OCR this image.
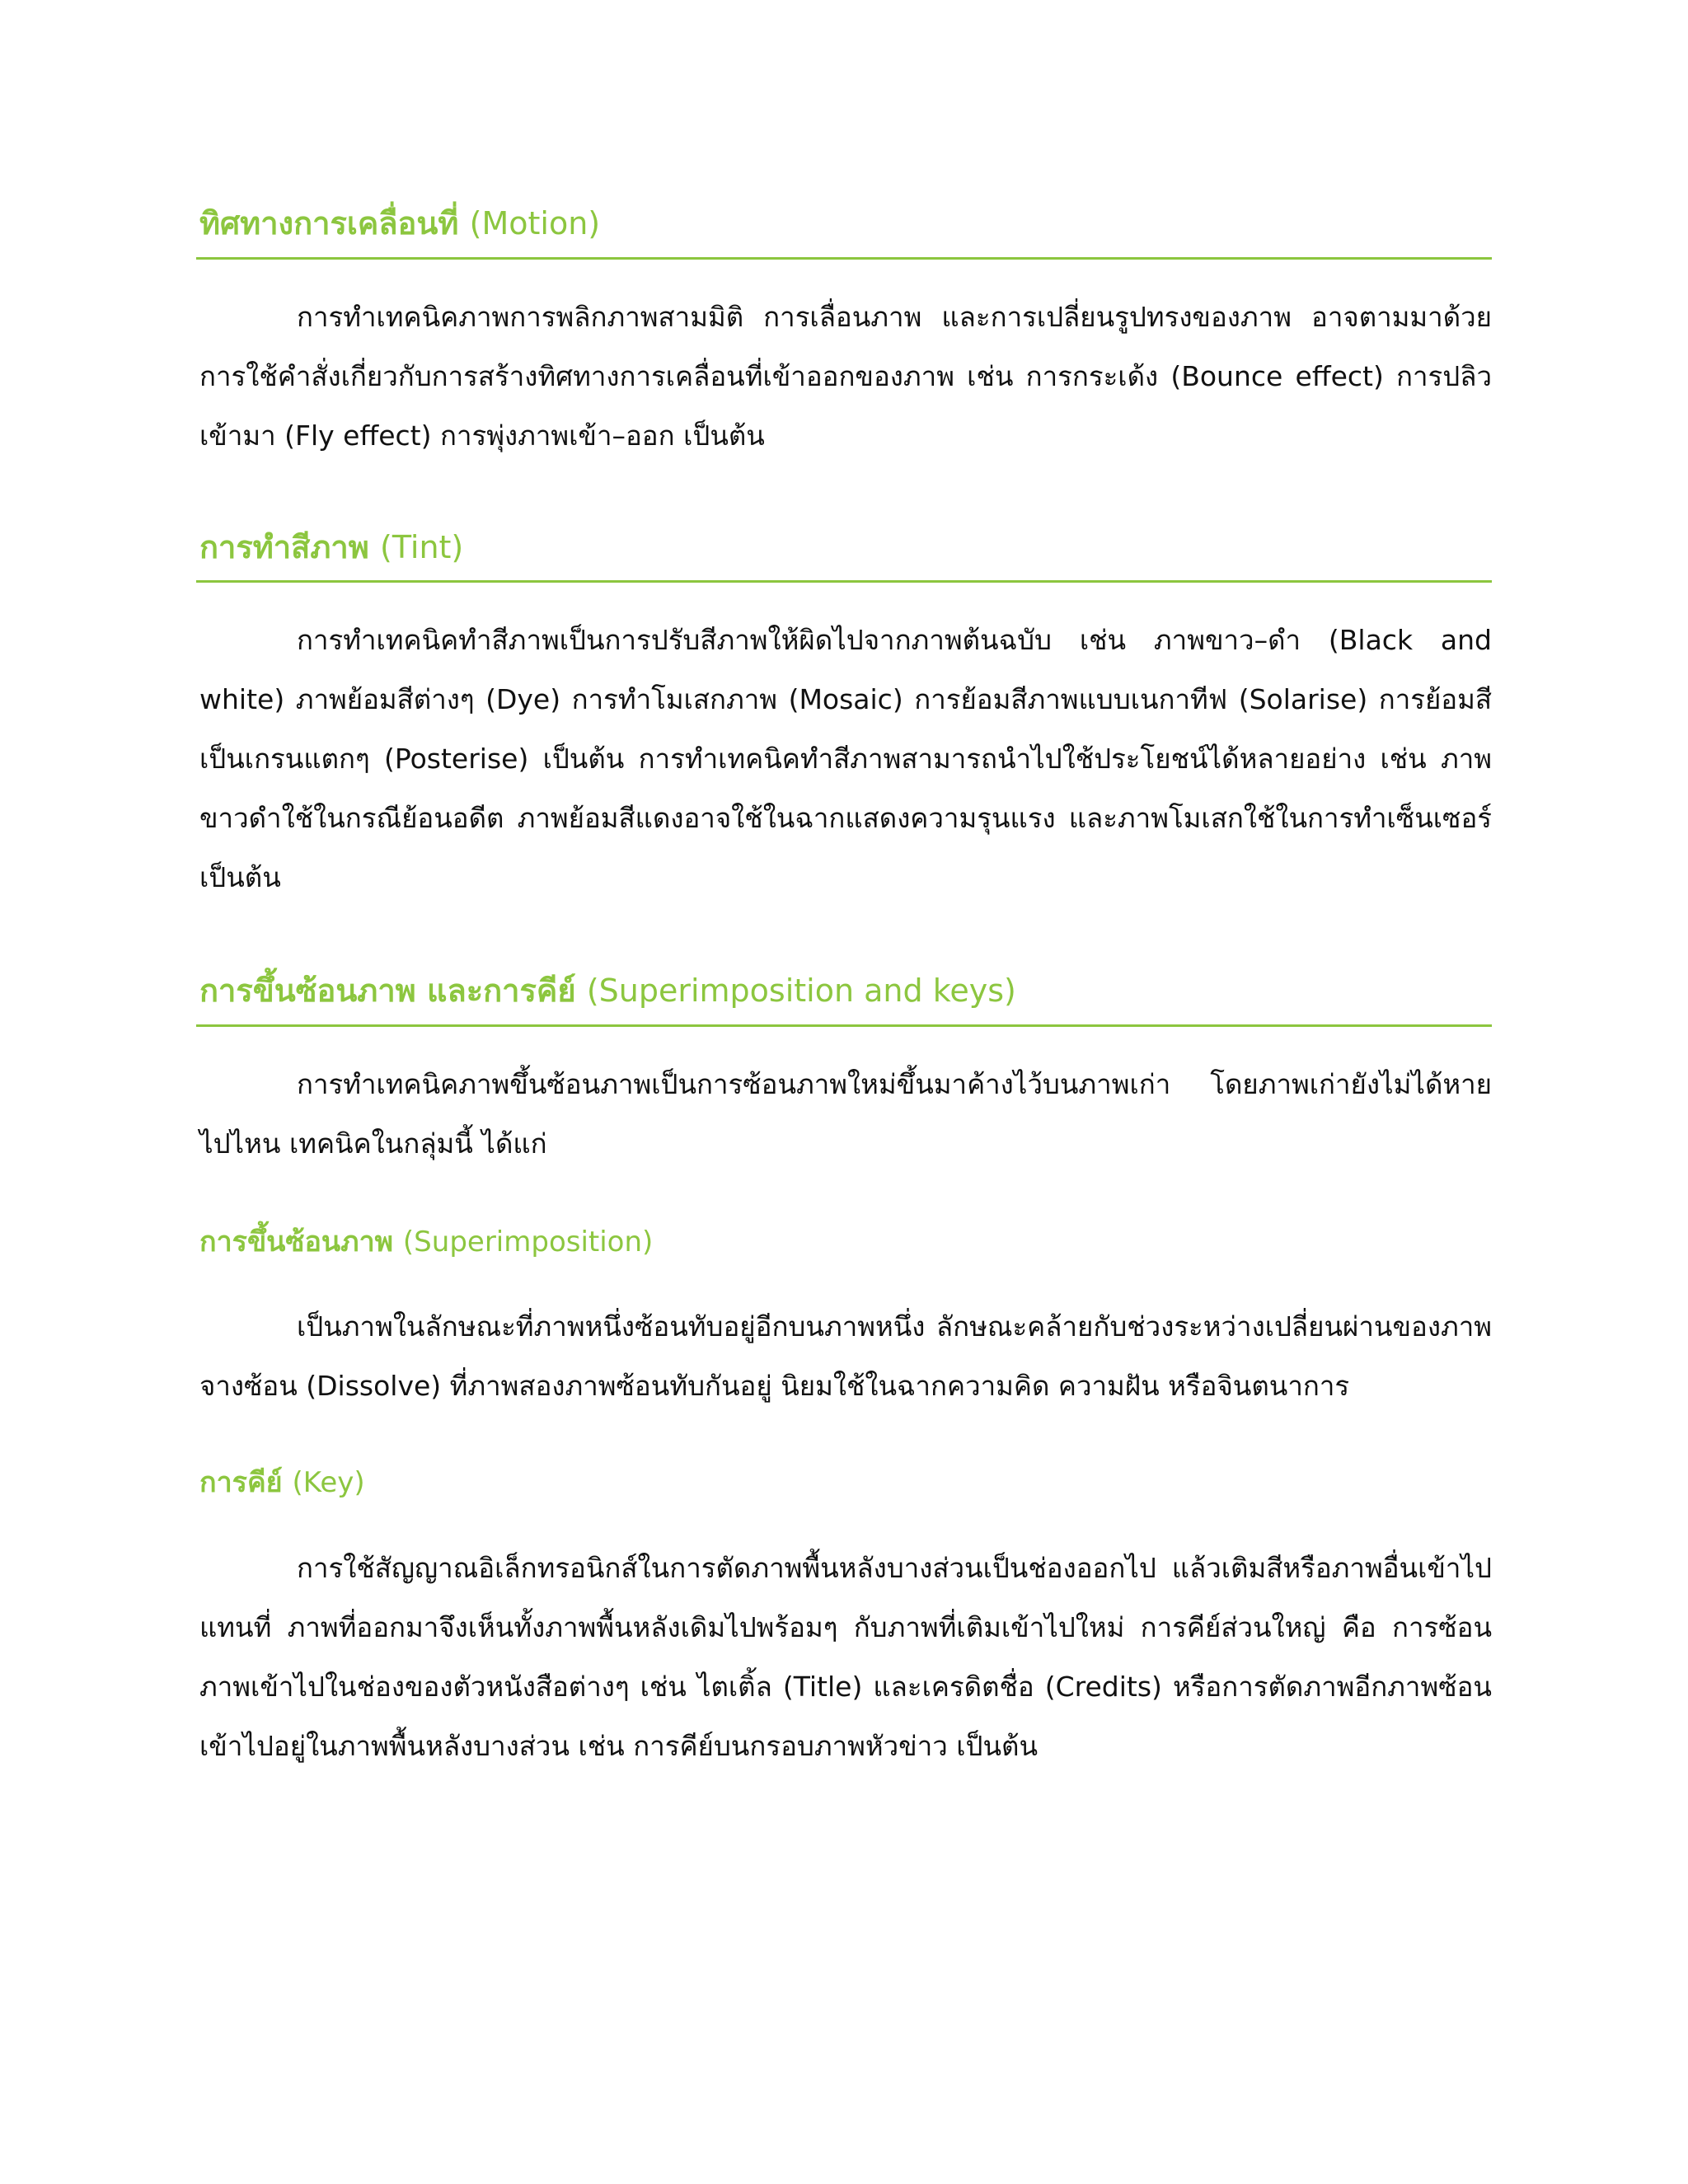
ทิศทางการเคลื่อนที่ (Motion)

การทำเทคนิคภาพการพลิกภาพสามมิติ การเลื่อนภาพ และการเปลี่ยนรูปทรงของภาพ อาจตามมาด้วยการใช้คำสั่งเกี่ยวกับการสร้างทิศทางการเคลื่อนที่เข้าออกของภาพ เช่น การกระเด้ง (Bounce effect) การปลิวเข้ามา (Fly effect) การพุ่งภาพเข้า–ออก เป็นต้น

การทำสีภาพ (Tint)

การทำเทคนิคทำสีภาพเป็นการปรับสีภาพให้ผิดไปจากภาพต้นฉบับ เช่น ภาพขาว–ดำ (Black and white) ภาพย้อมสีต่างๆ (Dye) การทำโมเสกภาพ (Mosaic) การย้อมสีภาพแบบเนกาทีฟ (Solarise) การย้อมสีเป็นเกรนแตกๆ (Posterise) เป็นต้น การทำเทคนิคทำสีภาพสามารถนำไปใช้ประโยชน์ได้หลายอย่าง เช่น ภาพขาวดำใช้ในกรณีย้อนอดีต ภาพย้อมสีแดงอาจใช้ในฉากแสดงความรุนแรง และภาพโมเสกใช้ในการทำเซ็นเซอร์ เป็นต้น

การขึ้นซ้อนภาพ และการคีย์ (Superimposition and keys)

การทำเทคนิคภาพขึ้นซ้อนภาพเป็นการซ้อนภาพใหม่ขึ้นมาค้างไว้บนภาพเก่า โดยภาพเก่ายังไม่ได้หายไปไหน เทคนิคในกลุ่มนี้ ได้แก่

การขึ้นซ้อนภาพ (Superimposition)

เป็นภาพในลักษณะที่ภาพหนึ่งซ้อนทับอยู่อีกบนภาพหนึ่ง ลักษณะคล้ายกับช่วงระหว่างเปลี่ยนผ่านของภาพจางซ้อน (Dissolve) ที่ภาพสองภาพซ้อนทับกันอยู่ นิยมใช้ในฉากความคิด ความฝัน หรือจินตนาการ

การคีย์ (Key)

การใช้สัญญาณอิเล็กทรอนิกส์ในการตัดภาพพื้นหลังบางส่วนเป็นช่องออกไป แล้วเติมสีหรือภาพอื่นเข้าไปแทนที่ ภาพที่ออกมาจึงเห็นทั้งภาพพื้นหลังเดิมไปพร้อมๆ กับภาพที่เติมเข้าไปใหม่ การคีย์ส่วนใหญ่ คือ การซ้อนภาพเข้าไปในช่องของตัวหนังสือต่างๆ เช่น ไตเติ้ล (Title) และเครดิตชื่อ (Credits) หรือการตัดภาพอีกภาพซ้อนเข้าไปอยู่ในภาพพื้นหลังบางส่วน เช่น การคีย์บนกรอบภาพหัวข่าว เป็นต้น
